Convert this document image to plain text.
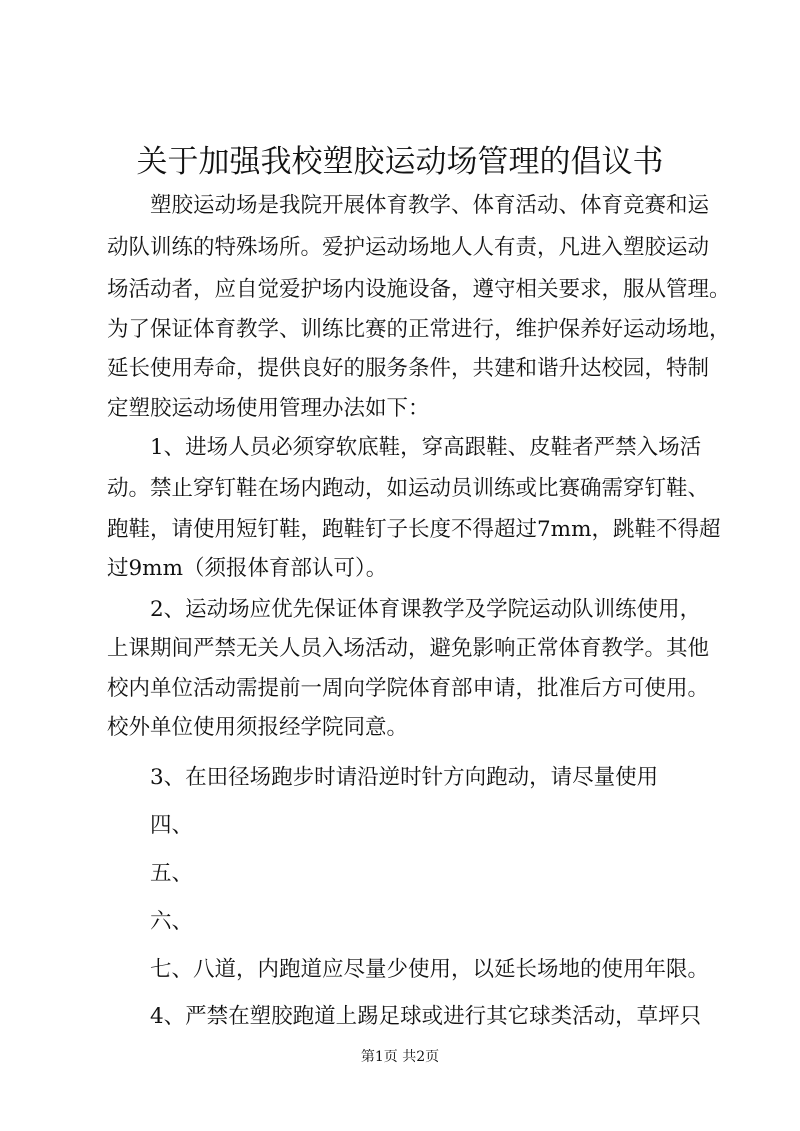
关于加强我校塑胶运动场管理的倡议书
塑胶运动场是我院开展体育教学、体育活动、体育竞赛和运
动队训练的特殊场所。爱护运动场地人人有责，凡进入塑胶运动
场活动者，应自觉爱护场内设施设备，遵守相关要求，服从管理。
为了保证体育教学、训练比赛的正常进行，维护保养好运动场地，
延长使用寿命，提供良好的服务条件，共建和谐升达校园，特制
定塑胶运动场使用管理办法如下：
1、进场人员必须穿软底鞋，穿高跟鞋、皮鞋者严禁入场活
动。禁止穿钉鞋在场内跑动，如运动员训练或比赛确需穿钉鞋、
跑鞋，请使用短钉鞋，跑鞋钉子长度不得超过7mm，跳鞋不得超
过9mm（须报体育部认可）。
2、运动场应优先保证体育课教学及学院运动队训练使用，
上课期间严禁无关人员入场活动，避免影响正常体育教学。其他
校内单位活动需提前一周向学院体育部申请，批准后方可使用。
校外单位使用须报经学院同意。
3、在田径场跑步时请沿逆时针方向跑动，请尽量使用
四、
五、
六、
七、八道，内跑道应尽量少使用，以延长场地的使用年限。
4、严禁在塑胶跑道上踢足球或进行其它球类活动，草坪只
第1页 共2页
